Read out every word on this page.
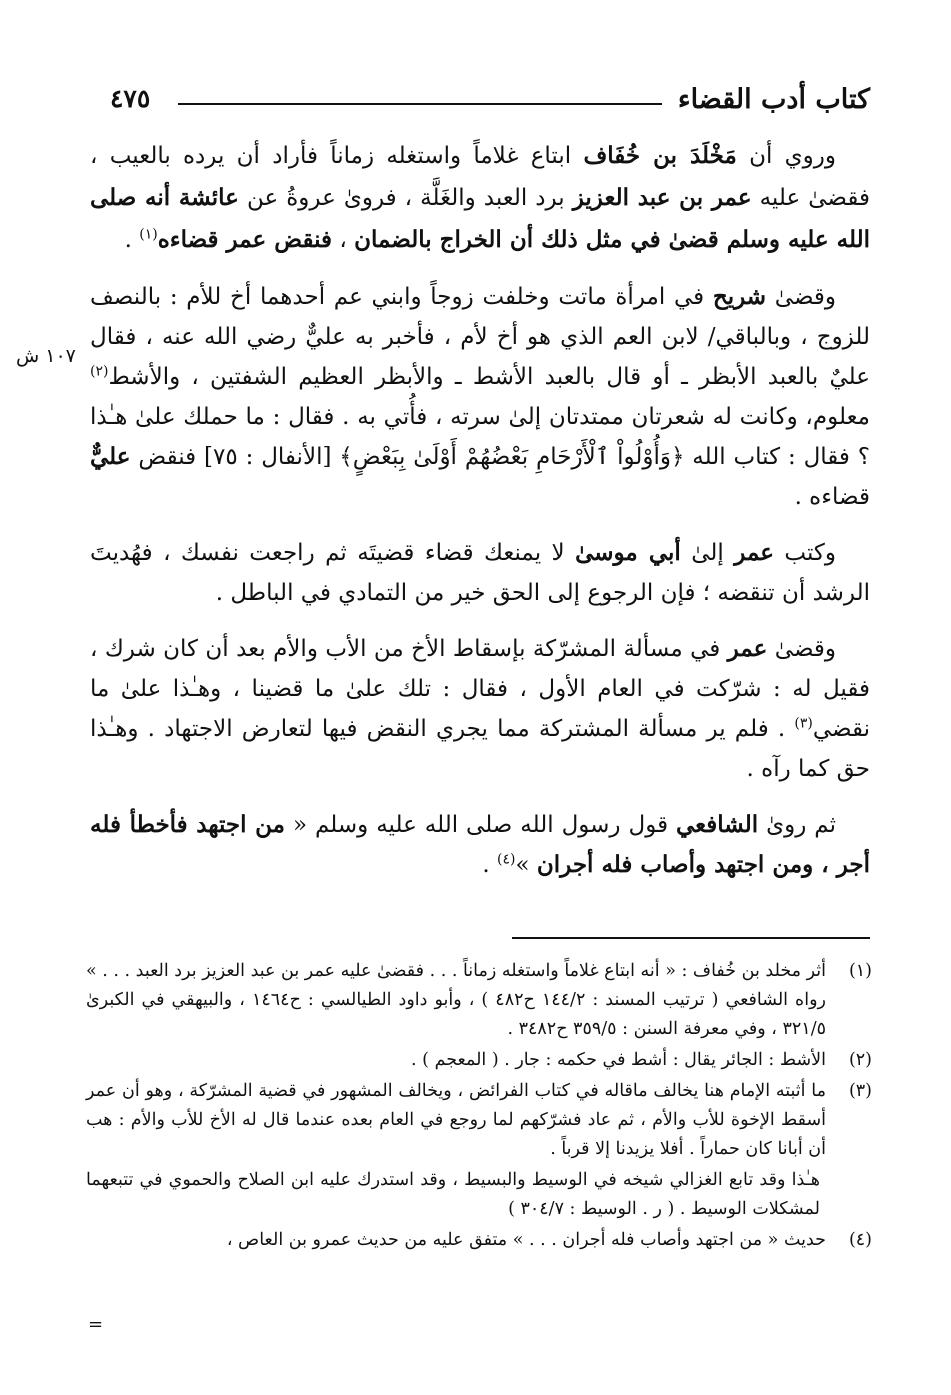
كتاب أدب القضاء
٤٧٥
١٠٧ ش

وروي أن مَخْلَدَ بن خُفَاف ابتاع غلاماً واستغله زماناً فأراد أن يرده بالعيب ، فقضىٰ عليه عمر بن عبد العزيز برد العبد والغَلَّة ، فروىٰ عروةُ عن عائشة أنه صلى الله عليه وسلم قضىٰ في مثل ذلك أن الخراج بالضمان ، فنقض عمر قضاءه$^{(١)}$ .

وقضىٰ شريح في امرأة ماتت وخلفت زوجاً وابني عم أحدهما أخ للأم : بالنصف للزوج ، وبالباقي/ لابن العم الذي هو أخ لأم ، فأخبر به عليٌّ رضي الله عنه ، فقال عليٌ بالعبد الأبظر ـ أو قال بالعبد الأشط ـ والأبظر العظيم الشفتين ، والأشط$^{(٢)}$ معلوم، وكانت له شعرتان ممتدتان إلىٰ سرته ، فأُتي به . فقال : ما حملك علىٰ هـٰذا ؟ فقال : كتاب الله ﴿وَأُوْلُواْ ٱلْأَرْحَامِ بَعْضُهُمْ أَوْلَىٰ بِبَعْضٍ﴾ [الأنفال : ٧٥] فنقض عليٌّ قضاءه .

وكتب عمر إلىٰ أبي موسىٰ لا يمنعك قضاء قضيتَه ثم راجعت نفسك ، فهُديتَ الرشد أن تنقضه ؛ فإن الرجوع إلى الحق خير من التمادي في الباطل .

وقضىٰ عمر في مسألة المشرّكة بإسقاط الأخ من الأب والأم بعد أن كان شرك ، فقيل له : شرّكت في العام الأول ، فقال : تلك علىٰ ما قضينا ، وهـٰذا علىٰ ما نقضي$^{(٣)}$ . فلم ير مسألة المشتركة مما يجري النقض فيها لتعارض الاجتهاد . وهـٰذا حق كما رآه .

ثم روىٰ الشافعي قول رسول الله صلى الله عليه وسلم « من اجتهد فأخطأ فله أجر ، ومن اجتهد وأصاب فله أجران »$^{(٤)}$ .

(١)
أثر مخلد بن خُفاف : « أنه ابتاع غلاماً واستغله زماناً . . . فقضىٰ عليه عمر بن عبد العزيز برد العبد . . . » رواه الشافعي ( ترتيب المسند : ١٤٤/٢ ح٤٨٢ ) ، وأبو داود الطيالسي : ح١٤٦٤ ، والبيهقي في الكبرىٰ ٣٢١/٥ ، وفي معرفة السنن : ٣٥٩/٥ ح٣٤٨٢ .
(٢)
الأشط : الجائر يقال : أشط في حكمه : جار . ( المعجم ) .
(٣)
ما أثبته الإمام هنا يخالف ماقاله في كتاب الفرائض ، ويخالف المشهور في قضية المشرّكة ، وهو أن عمر أسقط الإخوة للأب والأم ، ثم عاد فشرّكهم لما روجع في العام بعده عندما قال له الأخ للأب والأم : هب أن أبانا كان حماراً . أفلا يزيدنا إلا قرباً .
هـٰذا وقد تابع الغزالي شيخه في الوسيط والبسيط ، وقد استدرك عليه ابن الصلاح والحموي في تتبعهما لمشكلات الوسيط . ( ر . الوسيط : ٣٠٤/٧ )
(٤)
حديث « من اجتهد وأصاب فله أجران . . . » متفق عليه من حديث عمرو بن العاص ،
=
